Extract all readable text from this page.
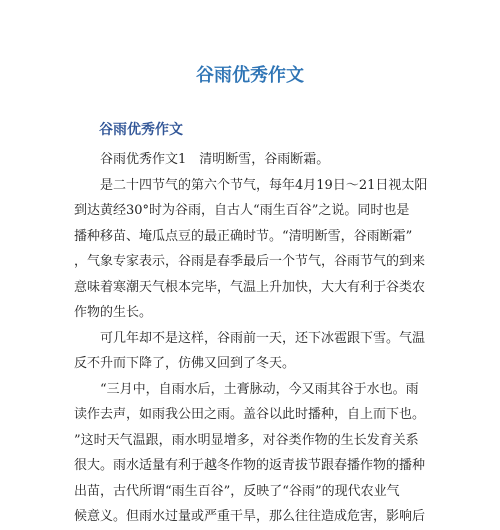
谷雨优秀作文
谷雨优秀作文
谷雨优秀作文1　清明断雪，谷雨断霜。
是二十四节气的第六个节气，每年4月19日～21日视太阳
到达黄经30°时为谷雨，自古人“雨生百谷”之说。同时也是
播种移苗、埯瓜点豆的最正确时节。“清明断雪，谷雨断霜”
，气象专家表示，谷雨是春季最后一个节气，谷雨节气的到来
意味着寒潮天气根本完毕，气温上升加快，大大有利于谷类农
作物的生长。
可几年却不是这样，谷雨前一天，还下冰雹跟下雪。气温
反不升而下降了，仿佛又回到了冬天。
“三月中，自雨水后，土膏脉动，今又雨其谷于水也。雨
读作去声，如雨我公田之雨。盖谷以此时播种，自上而下也。
”这时天气温跟，雨水明显增多，对谷类作物的生长发育关系
很大。雨水适量有利于越冬作物的返青拔节跟春播作物的播种
出苗，古代所谓“雨生百谷”，反映了“谷雨”的现代农业气
候意义。但雨水过量或严重干旱，那么往往造成危害，影响后
